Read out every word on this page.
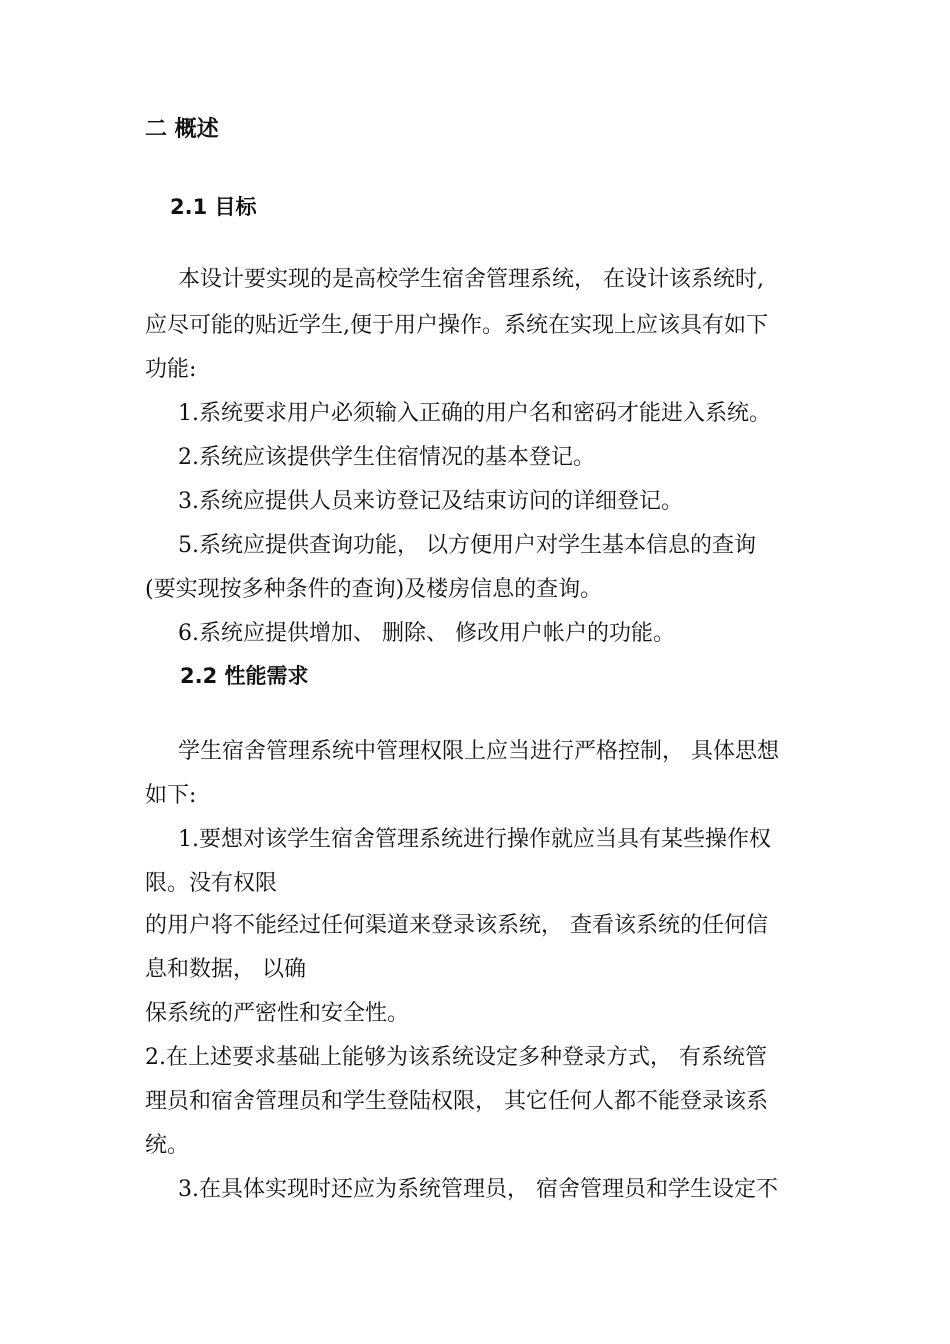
二 概述
2.1 目标
本设计要实现的是高校学生宿舍管理系统， 在设计该系统时,
应尽可能的贴近学生,便于用户操作。系统在实现上应该具有如下
功能:
1.系统要求用户必须输入正确的用户名和密码才能进入系统。
2.系统应该提供学生住宿情况的基本登记。
3.系统应提供人员来访登记及结束访问的详细登记。
5.系统应提供查询功能， 以方便用户对学生基本信息的查询
(要实现按多种条件的查询)及楼房信息的查询。
6.系统应提供增加、 删除、 修改用户帐户的功能。
2.2 性能需求
学生宿舍管理系统中管理权限上应当进行严格控制， 具体思想
如下:
1.要想对该学生宿舍管理系统进行操作就应当具有某些操作权
限。没有权限
的用户将不能经过任何渠道来登录该系统， 查看该系统的任何信
息和数据， 以确
保系统的严密性和安全性。
2.在上述要求基础上能够为该系统设定多种登录方式， 有系统管
理员和宿舍管理员和学生登陆权限， 其它任何人都不能登录该系
统。
3.在具体实现时还应为系统管理员， 宿舍管理员和学生设定不
